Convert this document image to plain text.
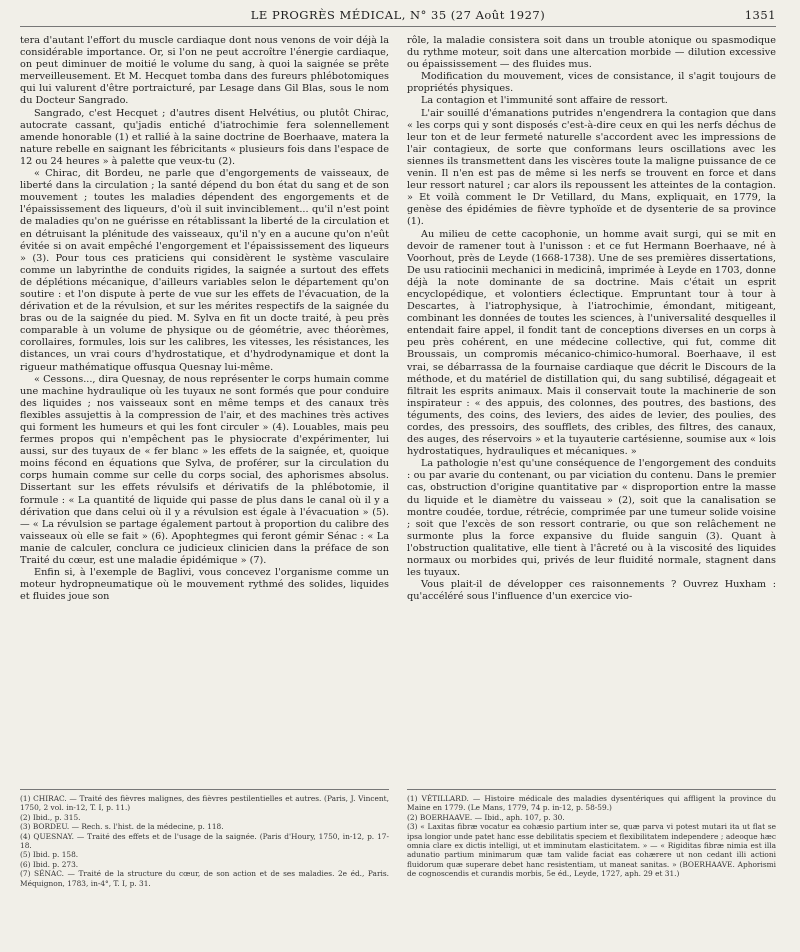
LE PROGRÈS MÉDICAL, N° 35 (27 Août 1927)	1351

tera d'autant l'effort du muscle cardiaque dont nous venons de voir déjà la considérable importance. Or, si l'on ne peut accroître l'énergie cardiaque, on peut diminuer de moitié le volume du sang, à quoi la saignée se prête merveilleusement. Et M. Hecquet tomba dans des fureurs phlébotomiques qui lui valurent d'être portraicturé, par Lesage dans Gil Blas, sous le nom du Docteur Sangrado.

Sangrado, c'est Hecquet ; d'autres disent Helvétius, ou plutôt Chirac, autocrate cassant, qu'jadis entiché d'iatrochimie fera solennellement amende honorable (1) et rallié à la saine doctrine de Boerhaave, matera la nature rebelle en saignant les fébricitants « plusieurs fois dans l'espace de 12 ou 24 heures » à palette que veux-tu (2).

« Chirac, dit Bordeu, ne parle que d'engorgements de vaisseaux, de liberté dans la circulation ; la santé dépend du bon état du sang et de son mouvement ; toutes les maladies dépendent des engorgements et de l'épaississement des liqueurs, d'où il suit invinciblement... qu'il n'est point de maladies qu'on ne guérisse en rétablissant la liberté de la circulation et en détruisant la plénitude des vaisseaux, qu'il n'y en a aucune qu'on n'eût évitée si on avait empêché l'engorgement et l'épaississement des liqueurs » (3). Pour tous ces praticiens qui considèrent le système vasculaire comme un labyrinthe de conduits rigides, la saignée a surtout des effets de déplétions mécanique, d'ailleurs variables selon le département qu'on soutire : et l'on dispute à perte de vue sur les effets de l'évacuation, de la dérivation et de la révulsion, et sur les mérites respectifs de la saignée du bras ou de la saignée du pied. M. Sylva en fit un docte traité, à peu près comparable à un volume de physique ou de géométrie, avec théorèmes, corollaires, formules, lois sur les calibres, les vitesses, les résistances, les distances, un vrai cours d'hydrostatique, et d'hydrodynamique et dont la rigueur mathématique offusqua Quesnay lui-même.

« Cessons..., dira Quesnay, de nous représenter le corps humain comme une machine hydraulique où les tuyaux ne sont formés que pour conduire des liquides ; nos vaisseaux sont en même temps et des canaux très flexibles assujettis à la compression de l'air, et des machines très actives qui forment les humeurs et qui les font circuler » (4). Louables, mais peu fermes propos qui n'empêchent pas le physiocrate d'expérimenter, lui aussi, sur des tuyaux de « fer blanc » les effets de la saignée, et, quoique moins fécond en équations que Sylva, de proférer, sur la circulation du corps humain comme sur celle du corps social, des aphorismes absolus. Dissertant sur les effets révulsifs et dérivatifs de la phlébotomie, il formule : « La quantité de liquide qui passe de plus dans le canal où il y a dérivation que dans celui où il y a révulsion est égale à l'évacuation » (5). — « La révulsion se partage également partout à proportion du calibre des vaisseaux où elle se fait » (6). Apophtegmes qui feront gémir Sénac : « La manie de calculer, conclura ce judicieux clinicien dans la préface de son Traité du cœur, est une maladie épidémique » (7).

Enfin si, à l'exemple de Baglivi, vous concevez l'organisme comme un moteur hydropneumatique où le mouvement rythmé des solides, liquides et fluides joue son

(1) CHIRAC. — Traité des fièvres malignes, des fièvres pestilentielles et autres. (Paris, J. Vincent, 1750, 2 vol. in-12, T. I, p. 11.)

(2) Ibid., p. 315.

(3) BORDEU. — Rech. s. l'hist. de la médecine, p. 118.

(4) QUESNAY. — Traité des effets et de l'usage de la saignée. (Paris d'Houry, 1750, in-12, p. 17-18.

(5) Ibid. p. 158.

(6) Ibid. p. 273.

(7) SÉNAC. — Traité de la structure du cœur, de son action et de ses maladies. 2e éd., Paris. Méquignon, 1783, in-4°, T. I, p. 31.

rôle, la maladie consistera soit dans un trouble atonique ou spasmodique du rythme moteur, soit dans une altercation morbide — dilution excessive ou épaississement — des fluides mus.

Modification du mouvement, vices de consistance, il s'agit toujours de propriétés physiques.

La contagion et l'immunité sont affaire de ressort.

L'air souillé d'émanations putrides n'engendrera la contagion que dans « les corps qui y sont disposés c'est-à-dire ceux en qui les nerfs déchus de leur ton et de leur fermeté naturelle s'accordent avec les impressions de l'air contagieux, de sorte que conformans leurs oscillations avec les siennes ils transmettent dans les viscères toute la maligne puissance de ce venin. Il n'en est pas de même si les nerfs se trouvent en force et dans leur ressort naturel ; car alors ils repoussent les atteintes de la contagion. » Et voilà comment le Dr Vetillard, du Mans, expliquait, en 1779, la genèse des épidémies de fièvre typhoïde et de dysenterie de sa province (1).

Au milieu de cette cacophonie, un homme avait surgi, qui se mit en devoir de ramener tout à l'unisson : et ce fut Hermann Boerhaave, né à Voorhout, près de Leyde (1668-1738). Une de ses premières dissertations, De usu ratiocinii mechanici in medicinâ, imprimée à Leyde en 1703, donne déjà la note dominante de sa doctrine. Mais c'était un esprit encyclopédique, et volontiers éclectique. Empruntant tour à tour à Descartes, à l'iatrophysique, à l'iatrochimie, émondant, mitigeant, combinant les données de toutes les sciences, à l'universalité desquelles il entendait faire appel, il fondit tant de conceptions diverses en un corps à peu près cohérent, en une médecine collective, qui fut, comme dit Broussais, un compromis mécanico-chimico-humoral. Boerhaave, il est vrai, se débarrassa de la fournaise cardiaque que décrit le Discours de la méthode, et du matériel de distillation qui, du sang subtilisé, dégageait et filtrait les esprits animaux. Mais il conservait toute la machinerie de son inspirateur : « des appuis, des colonnes, des poutres, des bastions, des téguments, des coins, des leviers, des aides de levier, des poulies, des cordes, des pressoirs, des soufflets, des cribles, des filtres, des canaux, des auges, des réservoirs » et la tuyauterie cartésienne, soumise aux « lois hydrostatiques, hydrauliques et mécaniques. »

La pathologie n'est qu'une conséquence de l'engorgement des conduits : ou par avarie du contenant, ou par viciation du contenu. Dans le premier cas, obstruction d'origine quantitative par « disproportion entre la masse du liquide et le diamètre du vaisseau » (2), soit que la canalisation se montre coudée, tordue, rétrécie, comprimée par une tumeur solide voisine ; soit que l'excès de son ressort contrarie, ou que son relâchement ne surmonte plus la force expansive du fluide sanguin (3). Quant à l'obstruction qualitative, elle tient à l'âcreté ou à la viscosité des liquides normaux ou morbides qui, privés de leur fluidité normale, stagnent dans les tuyaux.

Vous plait-il de développer ces raisonnements ? Ouvrez Huxham : qu'accéléré sous l'influence d'un exercice vio-

(1) VÉTILLARD. — Histoire médicale des maladies dysentériques qui affligent la province du Maine en 1779. (Le Mans, 1779, 74 p. in-12, p. 58-59.)

(2) BOERHAAVE. — Ibid., aph. 107, p. 30.

(3) « Laxitas fibræ vocatur ea cohæsio partium inter se, quæ parva vi potest mutari ita ut flat se ipsa longior unde patet hanc esse debilitatis speciem et flexibilitatem independere ; adeoque hæc omnia clare ex dictis intelligi, ut et imminutam elasticitatem. » — « Rigiditas fibræ nimia est illa adunatio partium minimarum quæ tam valide faciat eas cohærere ut non cedant illi actioni fluidorum quæ superare debet hanc resistentiam, ut maneat sanitas. » (BOERHAAVE. Aphorismi de cognoscendis et curandis morbis, 5e éd., Leyde, 1727, aph. 29 et 31.)
